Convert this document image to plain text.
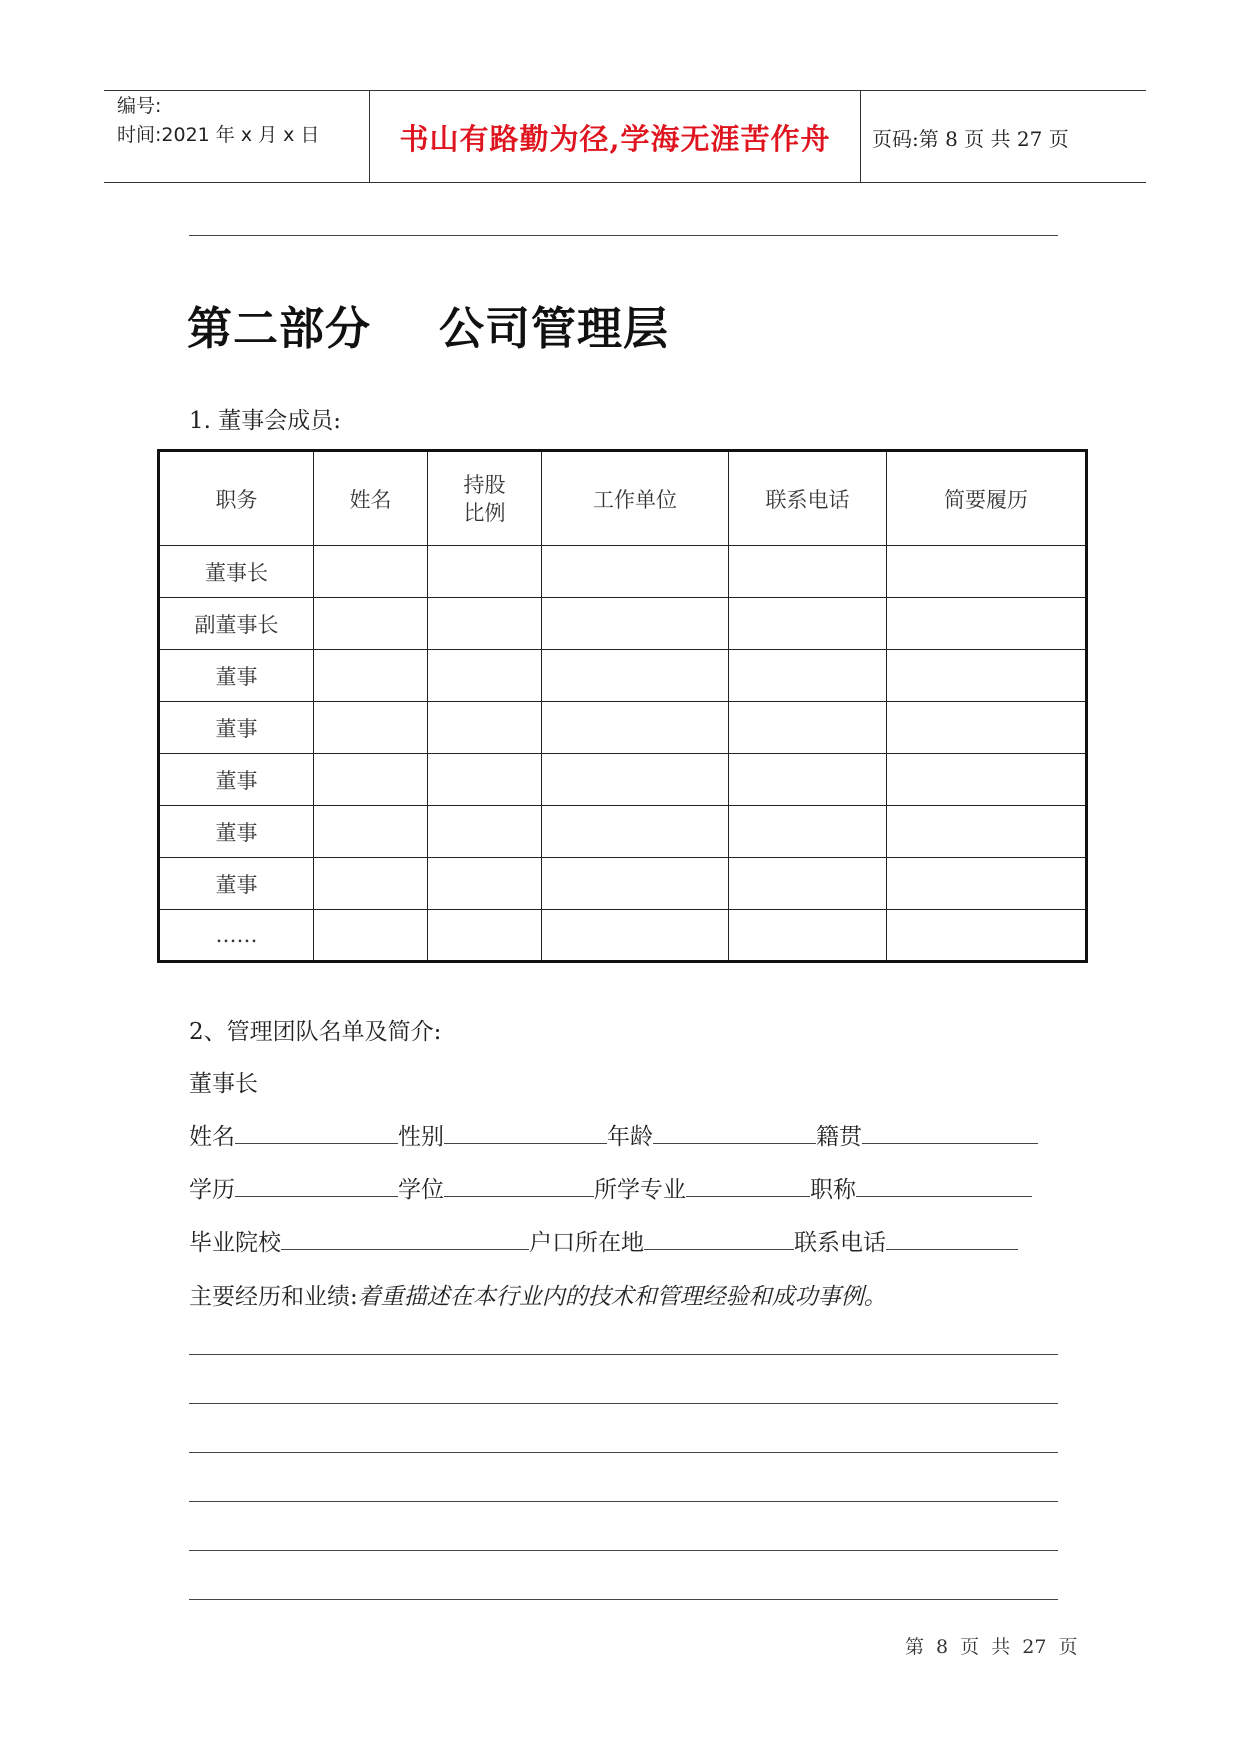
编号:
时间:2021 年 x 月 x 日	书山有路勤为径,学海无涯苦作舟	页码:第 8 页 共 27 页
第二部分 公司管理层
1. 董事会成员:
职务	姓名	持股比例	工作单位	联系电话	简要履历
董事长					
副董事长					
董事					
董事					
董事					
董事					
董事					
……					
2、管理团队名单及简介:
董事长
姓名	性别	年龄	籍贯
学历	学位	所学专业	职称
毕业院校	户口所在地	联系电话
主要经历和业绩:着重描述在本行业内的技术和管理经验和成功事例。
第 8 页 共 27 页
